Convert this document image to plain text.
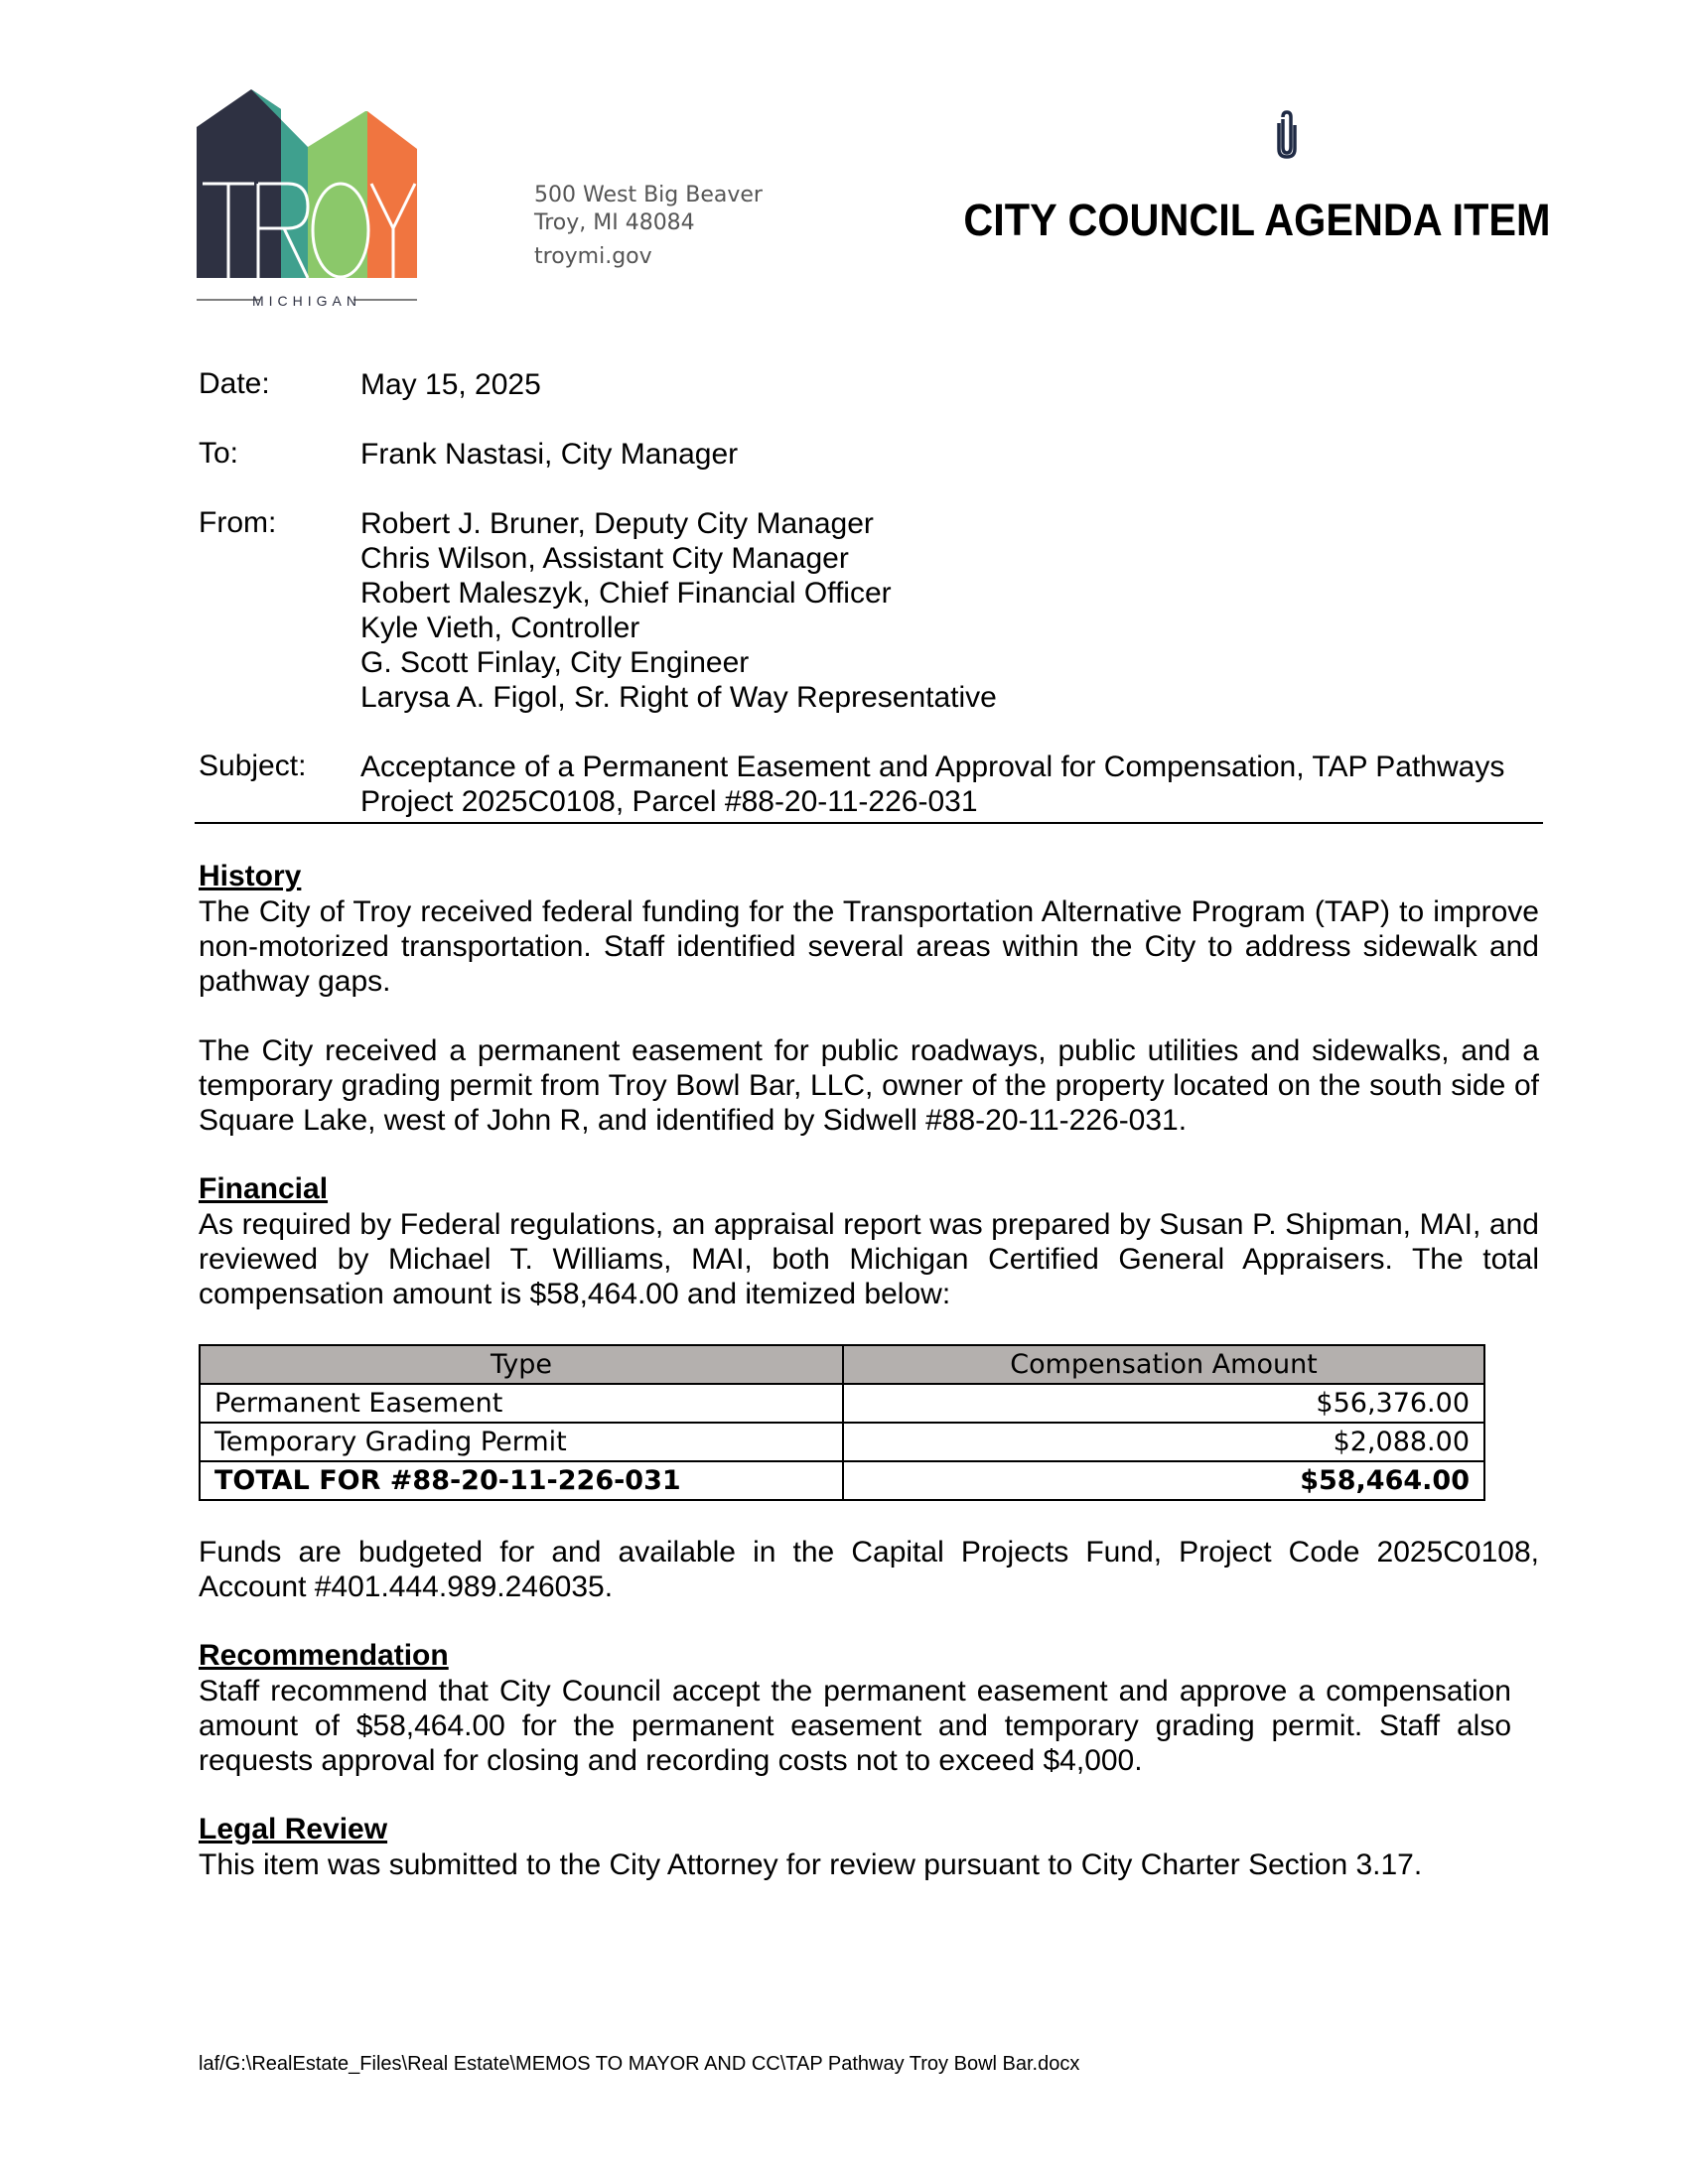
MICHIGAN
500 West Big Beaver
Troy, MI 48084
troymi.gov
CITY COUNCIL AGENDA ITEM
Date:	May 15, 2025
To:	Frank Nastasi, City Manager
From:	Robert J. Bruner, Deputy City Manager
Chris Wilson, Assistant City Manager
Robert Maleszyk, Chief Financial Officer
Kyle Vieth, Controller
G. Scott Finlay, City Engineer
Larysa A. Figol, Sr. Right of Way Representative
Subject: Acceptance of a Permanent Easement and Approval for Compensation, TAP Pathways
Project 2025C0108, Parcel #88-20-11-226-031
History
The City of Troy received federal funding for the Transportation Alternative Program (TAP) to improve non-motorized transportation. Staff identified several areas within the City to address sidewalk and pathway gaps.
The City received a permanent easement for public roadways, public utilities and sidewalks, and a temporary grading permit from Troy Bowl Bar, LLC, owner of the property located on the south side of Square Lake, west of John R, and identified by Sidwell #88-20-11-226-031.
Financial
As required by Federal regulations, an appraisal report was prepared by Susan P. Shipman, MAI, and reviewed by Michael T. Williams, MAI, both Michigan Certified General Appraisers. The total compensation amount is $58,464.00 and itemized below:
Type	Compensation Amount
Permanent Easement	$56,376.00
Temporary Grading Permit	$2,088.00
TOTAL FOR #88-20-11-226-031	$58,464.00
Funds are budgeted for and available in the Capital Projects Fund, Project Code 2025C0108, Account #401.444.989.246035.
Recommendation
Staff recommend that City Council accept the permanent easement and approve a compensation amount of $58,464.00 for the permanent easement and temporary grading permit. Staff also requests approval for closing and recording costs not to exceed $4,000.
Legal Review
This item was submitted to the City Attorney for review pursuant to City Charter Section 3.17.
laf/G:\RealEstate_Files\Real Estate\MEMOS TO MAYOR AND CC\TAP Pathway Troy Bowl Bar.docx
